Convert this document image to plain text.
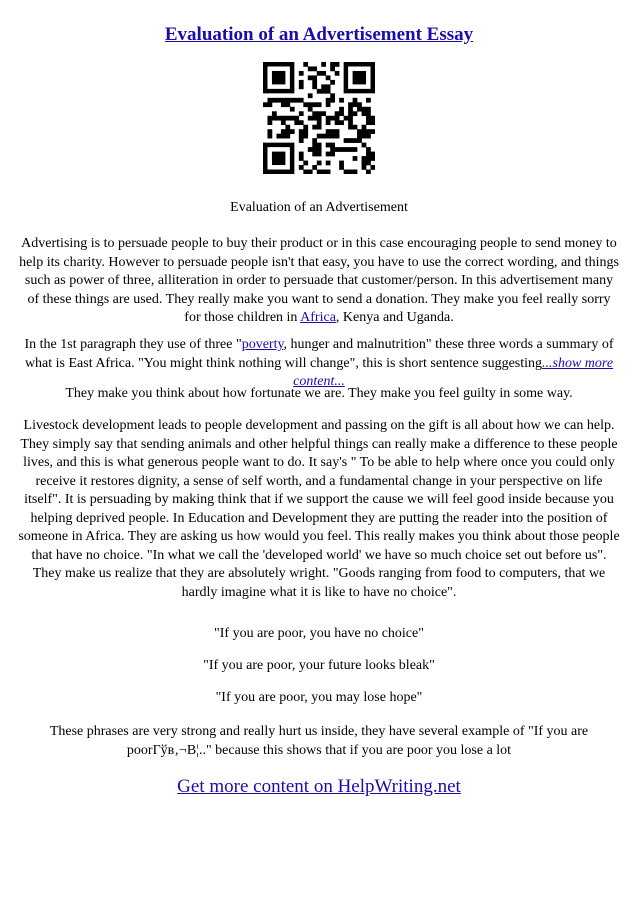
Evaluation of an Advertisement Essay

Evaluation of an Advertisement

Advertising is to persuade people to buy their product or in this case encouraging people to send money to help its charity. However to persuade people isn't that easy, you have to use the correct wording, and things such as power of three, alliteration in order to persuade that customer/person. In this advertisement many of these things are used. They really make you want to send a donation. They make you feel really sorry for those children in Africa, Kenya and Uganda.

In the 1st paragraph they use of three "poverty, hunger and malnutrition" these three words a summary of what is East Africa. "You might think nothing will change", this is short sentence suggesting...show more content...

They make you think about how fortunate we are. They make you feel guilty in some way.

Livestock development leads to people development and passing on the gift is all about how we can help. They simply say that sending animals and other helpful things can really make a difference to these people lives, and this is what generous people want to do. It say's " To be able to help where once you could only receive it restores dignity, a sense of self worth, and a fundamental change in your perspective on life itself". It is persuading by making think that if we support the cause we will feel good inside because you helping deprived people. In Education and Development they are putting the reader into the position of someone in Africa. They are asking us how would you feel. This really makes you think about those people that have no choice. "In what we call the 'developed world' we have so much choice set out before us". They make us realize that they are absolutely wright. "Goods ranging from food to computers, that we hardly imagine what it is like to have no choice".

"If you are poor, you have no choice"

"If you are poor, your future looks bleak"

"If you are poor, you may lose hope"

These phrases are very strong and really hurt us inside, they have several example of "If you are poorГўв‚¬В¦.." because this shows that if you are poor you lose a lot

Get more content on HelpWriting.net
